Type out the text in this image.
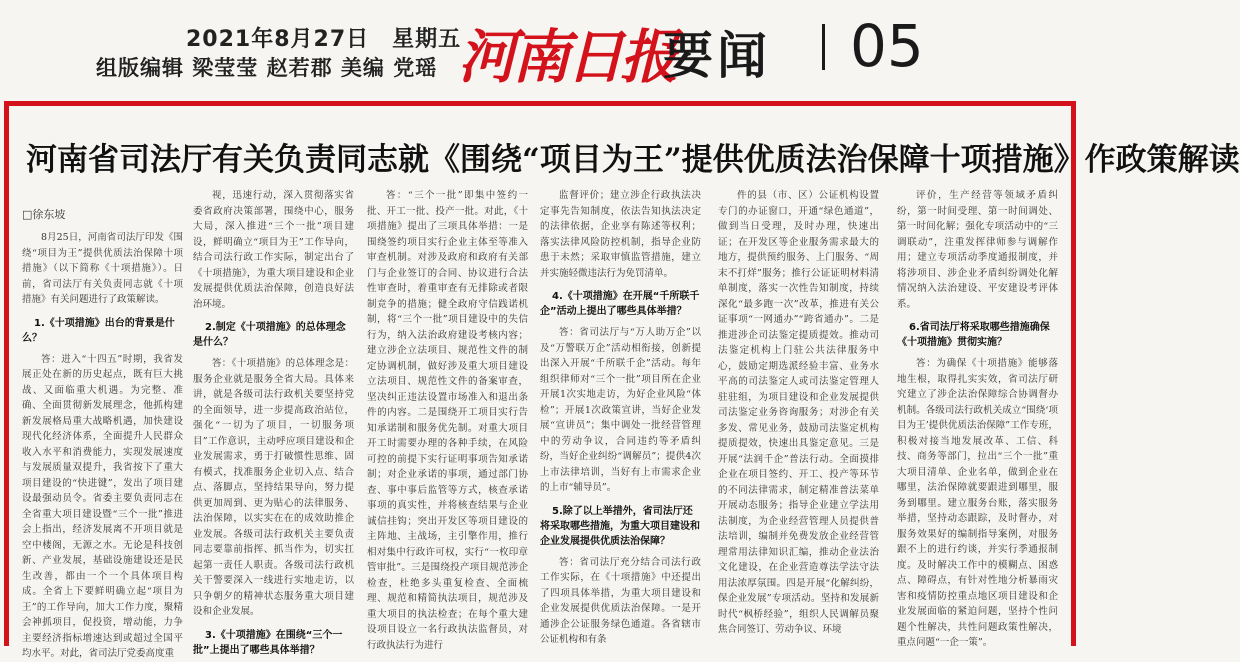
2021年8月27日　星期五
组版编辑 梁莹莹 赵若郡 美编 党瑶 河南日报
要闻 05
河南省司法厅有关负责同志就《围绕“项目为王”提供优质法治保障十项措施》作政策解读
□徐东坡

8月25日，河南省司法厅印发《围绕“项目为王”提供优质法治保障十项措施》（以下简称《十项措施》）。日前，省司法厅有关负责同志就《十项措施》有关问题进行了政策解读。

1.《十项措施》出台的背景是什么？

答：进入“十四五”时期，我省发展正处在新的历史起点，既有巨大挑战、又面临重大机遇。为完整、准确、全面贯彻新发展理念，他抓构建新发展格局重大战略机遇，加快建设现代化经济体系，全面提升人民群众收入水平和消费能力，实现发展速度与发展质量双提升，我省按下了重大项目建设的“快进键”，发出了项目建设最强动员令。省委主要负责同志在全省重大项目建设暨“三个一批”推进会上指出，经济发展离不开项目就是空中楼阁，无源之水。无论是科技创新、产业发展，基础设施建设还是民生改善，都由一个一个具体项目构成。全省上下要鲜明确立起“项目为王”的工作导向，加大工作力度，聚精会神抓项目，促投资，增动能，力争主要经济指标增速达到或超过全国平均水平。对此，省司法厅党委高度重

视，迅速行动，深入贯彻落实省委省政府决策部署，围绕中心，服务大局，深入推进“三个一批”项目建设，鲜明确立“项目为王”工作导向，结合司法行政工作实际，制定出台了《十项措施》，为重大项目建设和企业发展提供优质法治保障，创造良好法治环境。

2.制定《十项措施》的总体理念是什么？

答：《十项措施》的总体理念是：服务企业就是服务全省大局。具体来讲，就是各级司法行政机关要坚持党的全面领导，进一步提高政治站位，强化“一切为了项目，一切服务项目”工作意识，主动呼应项目建设和企业发展需求，勇于打破惯性思维、固有模式，找准服务企业切入点、结合点、落脚点，坚持结果导向，努力提供更加周到、更为贴心的法律服务、法治保障，以实实在在的成效助推企业发展。各级司法行政机关主要负责同志要靠前指挥、抓当作为，切实扛起第一责任人职责。各级司法行政机关干警要深入一线进行实地走访，以只争朝夕的精神状态服务重大项目建设和企业发展。

3.《十项措施》在围绕“三个一批”上提出了哪些具体举措？

答：“三个一批”即集中签约一批、开工一批、投产一批。对此，《十项措施》提出了三项具体举措：一是围绕签约项目实行企业主体至等准入审查机制。对涉及政府和政府有关部门与企业签订的合同、协议进行合法性审查时，着重审查有无排除或者限制竞争的措施；健全政府守信践诺机制，将“三个一批”项目建设中的失信行为，纳入法治政府建设考核内容；建立涉企立法项目、规范性文件的制定协调机制，做好涉及重大项目建设立法项目、规范性文件的备案审查，坚决纠正违法设置市场准入和退出条件的内容。二是围绕开工项目实行告知承诺制和服务优先制。对重大项目开工时需要办理的各种手续，在风险可控的前提下实行证明事项告知承诺制；对企业承诺的事项，通过部门协查、事中事后监管等方式，核查承诺事项的真实性，并将核查结果与企业诚信挂钩；突出开发区等项目建设的主阵地、主战场，主引擎作用，推行相对集中行政许可权，实行“一枚印章管审批”。三是围绕投产项目规范涉企检查，杜绝多头重复检查、全面梳理、规范和精简执法项目，规范涉及重大项目的执法检查；在每个重大建设项目设立一名行政执法监督员，对行政执法行为进行

监督评价；建立涉企行政执法决定事先告知制度，依法告知执法决定的法律依据，企业享有陈述等权利；落实法律风险防控机制，指导企业防患于未然；采取审慎监管措施，建立并实施轻微违法行为免罚清单。

4.《十项措施》在开展“千所联千企”活动上提出了哪些具体举措？

答：省司法厅与“万人助万企”以及“万警联万企”活动相衔接，创新提出深入开展“千所联千企”活动。每年组织律师对“三个一批”项目所在企业开展1次实地走访，为好企业风险“体检”；开展1次政策宣讲，当好企业发展“宣讲员”；集中调处一批经营管理中的劳动争议，合同违约等矛盾纠纷，当好企业纠纷“调解员”；提供4次上市法律培训，当好有上市需求企业的上市“辅导员”。

5.除了以上举措外，省司法厅还将采取哪些措施，为重大项目建设和企业发展提供优质法治保障？

答：省司法厅充分结合司法行政工作实际，在《十项措施》中还提出了四项具体举措，为重大项目建设和企业发展提供优质法治保障。一是开通涉企公证服务绿色通道。各省辖市公证机构和有条

件的县（市、区）公证机构设置专门的办证窗口，开通“绿色通道”，做到当日受理，及时办理，快速出证；在开发区等企业服务需求最大的地方，提供预约服务、上门服务、“周末不打烊”服务；推行公证证明材料清单制度，落实一次性告知制度，持续深化“最多跑一次”改革，推进有关公证事项“一网通办”“跨省通办”。二是推进涉企司法鉴定提质提效。推动司法鉴定机构上门驻公共法律服务中心，鼓励定期选派经验丰富、业务水平高的司法鉴定人或司法鉴定管理人驻驻组，为项目建设和企业发展提供司法鉴定业务咨询服务；对涉企有关多发、常见业务，鼓励司法鉴定机构提质提效，快速出具鉴定意见。三是开展“法润千企”普法行动。全面摸排企业在项目签约、开工、投产等环节的不同法律需求，制定精准普法菜单开展动态服务；指导企业建立学法用法制度，为企业经营管理人员提供普法培训，编制并免费发放企业经营管理常用法律知识汇编，推动企业法治文化建设，在企业营造尊法学法守法用法浓厚氛围。四是开展“化解纠纷，保企业发展”专项活动。坚持和发展新时代“枫桥经验”，组织人民调解员聚焦合同签订、劳动争议、环境

评价，生产经营等领域矛盾纠纷，第一时间受理、第一时间调处、第一时间化解；强化专项活动中的“三调联动”，注重发挥律师参与调解作用；建立专项活动季度通报制度，并将涉项目、涉企业矛盾纠纷调处化解情况纳入法治建设、平安建设考评体系。

6.省司法厅将采取哪些措施确保《十项措施》贯彻实施？

答：为确保《十项措施》能够落地生根，取得扎实实效，省司法厅研究建立了涉企法治保障综合协调督办机制。各级司法行政机关成立“围绕‘项目为王’提供优质法治保障”工作专班，积极对接当地发展改革、工信、科技、商务等部门，拉出“三个一批”重大项目清单、企业名单，做到企业在哪里，法治保障就要跟进到哪里，服务到哪里。建立服务台账，落实服务举措，坚持动态跟踪，及时督办，对服务效果好的编制指导案例，对服务跟不上的进行约谈，并实行季通报制度。及时解决工作中的模糊点、困惑点、障碍点，有针对性地分析暴雨灾害和疫情防控重点地区项目建设和企业发展面临的紧迫问题，坚持个性问题个性解决，共性问题政策性解决，重点问题“一企一策”。
